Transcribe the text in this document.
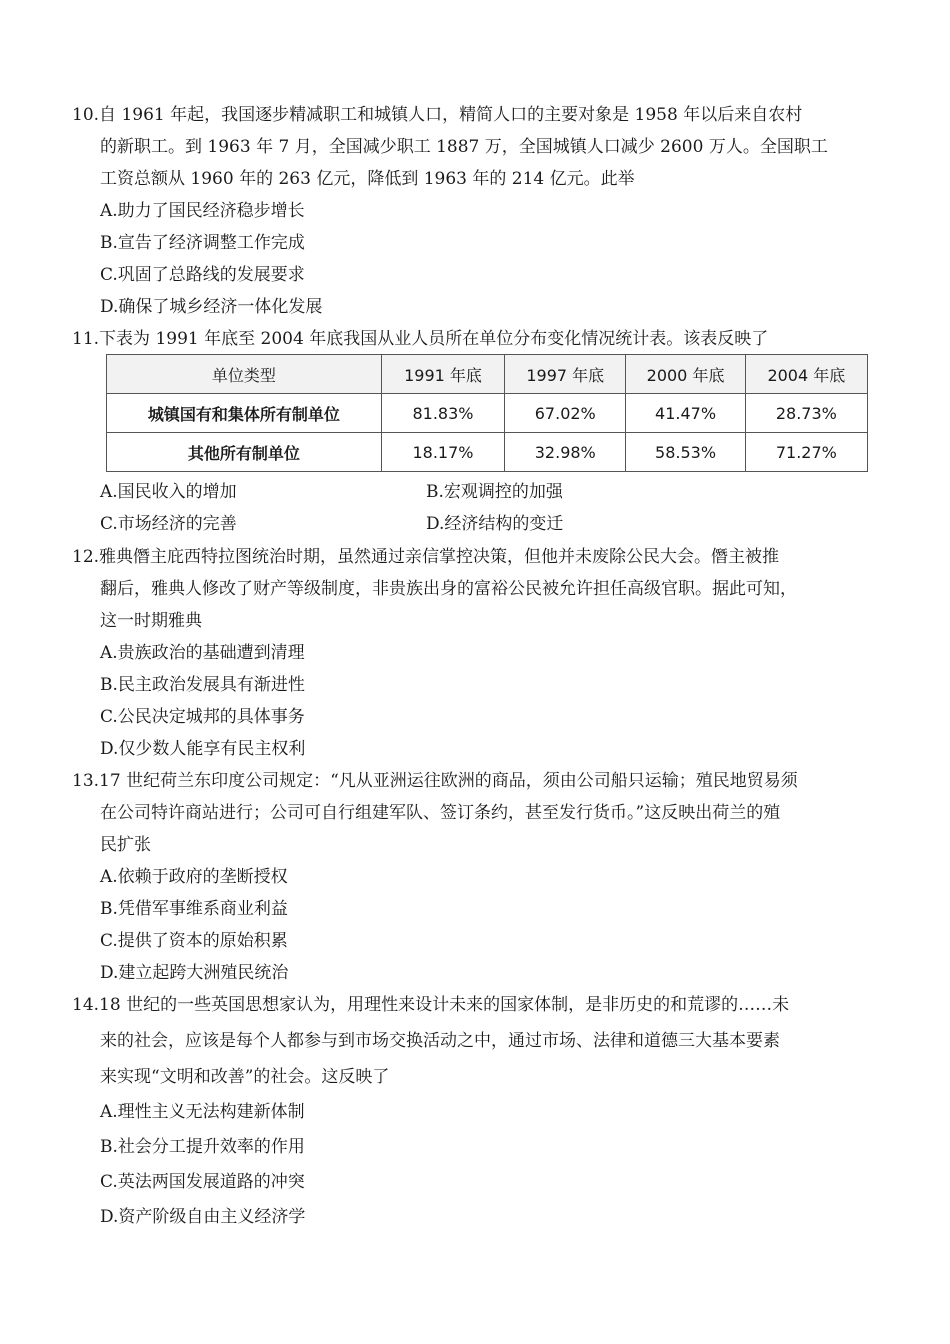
10.自 1961 年起，我国逐步精减职工和城镇人口，精简人口的主要对象是 1958 年以后来自农村
的新职工。到 1963 年 7 月，全国减少职工 1887 万，全国城镇人口减少 2600 万人。全国职工
工资总额从 1960 年的 263 亿元，降低到 1963 年的 214 亿元。此举
A.助力了国民经济稳步增长
B.宣告了经济调整工作完成
C.巩固了总路线的发展要求
D.确保了城乡经济一体化发展
11.下表为 1991 年底至 2004 年底我国从业人员所在单位分布变化情况统计表。该表反映了
A.国民收入的增加	B.宏观调控的加强
C.市场经济的完善	D.经济结构的变迁
单位类型	1991 年底	1997 年底	2000 年底	2004 年底
城镇国有和集体所有制单位	81.83%	67.02%	41.47%	28.73%
其他所有制单位	18.17%	32.98%	58.53%	71.27%
12.雅典僭主庇西特拉图统治时期，虽然通过亲信掌控决策，但他并未废除公民大会。僭主被推
翻后，雅典人修改了财产等级制度，非贵族出身的富裕公民被允许担任高级官职。据此可知，
这一时期雅典
A.贵族政治的基础遭到清理
B.民主政治发展具有渐进性
C.公民决定城邦的具体事务
D.仅少数人能享有民主权利
13.17 世纪荷兰东印度公司规定：“凡从亚洲运往欧洲的商品，须由公司船只运输；殖民地贸易须
在公司特许商站进行；公司可自行组建军队、签订条约，甚至发行货币。”这反映出荷兰的殖
民扩张
A.依赖于政府的垄断授权
B.凭借军事维系商业利益
C.提供了资本的原始积累
D.建立起跨大洲殖民统治
14.18 世纪的一些英国思想家认为，用理性来设计未来的国家体制，是非历史的和荒谬的……未
来的社会，应该是每个人都参与到市场交换活动之中，通过市场、法律和道德三大基本要素
来实现“文明和改善”的社会。这反映了
A.理性主义无法构建新体制
B.社会分工提升效率的作用
C.英法两国发展道路的冲突
D.资产阶级自由主义经济学
